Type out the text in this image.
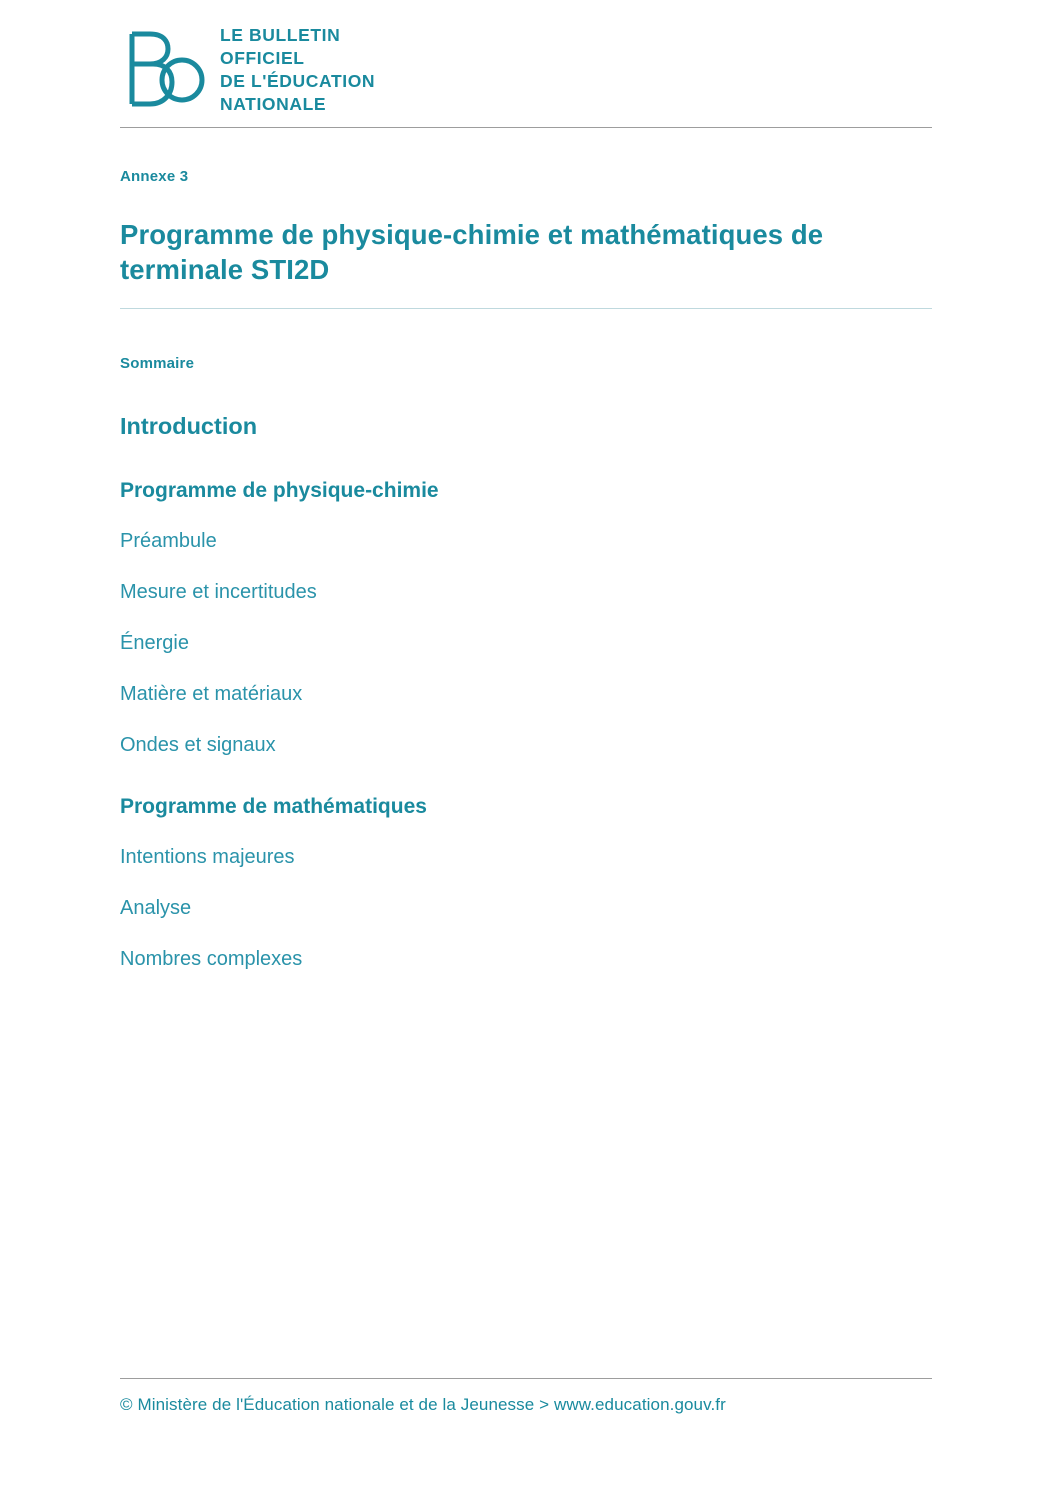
LE BULLETIN
OFFICIEL
DE L'ÉDUCATION
NATIONALE

Annexe 3

Programme de physique-chimie et mathématiques de
terminale STI2D

Sommaire

Introduction
Programme de physique-chimie
Préambule
Mesure et incertitudes
Énergie
Matière et matériaux
Ondes et signaux
Programme de mathématiques
Intentions majeures
Analyse
Nombres complexes
© Ministère de l'Éducation nationale et de la Jeunesse > www.education.gouv.fr
